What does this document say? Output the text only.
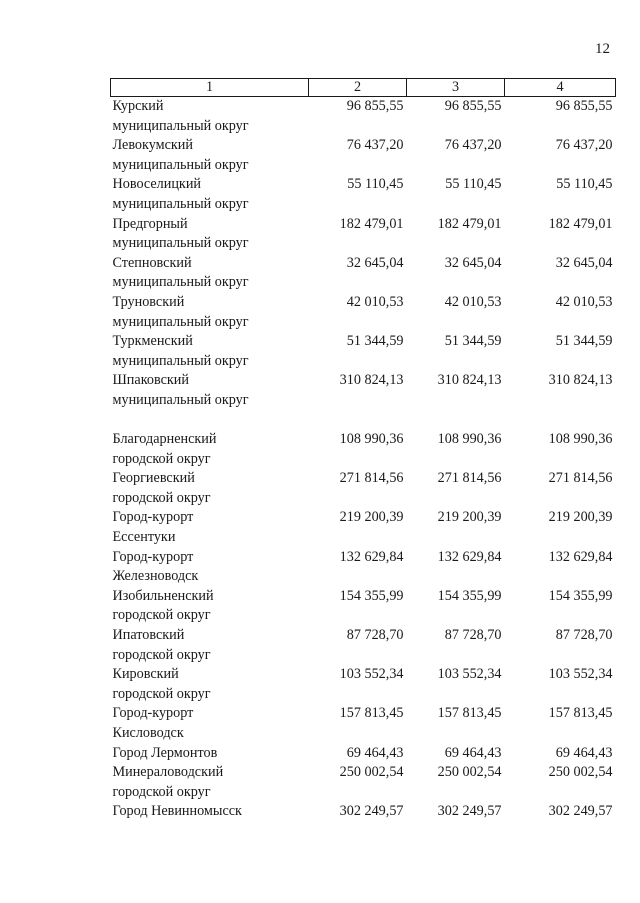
12
1	2	3	4

Курский
муниципальный округ	96 855,55	96 855,55	96 855,55

Левокумский
муниципальный округ	76 437,20	76 437,20	76 437,20

Новоселицкий
муниципальный округ	55 110,45	55 110,45	55 110,45

Предгорный
муниципальный округ	182 479,01	182 479,01	182 479,01

Степновский
муниципальный округ	32 645,04	32 645,04	32 645,04

Труновский
муниципальный округ	42 010,53	42 010,53	42 010,53

Туркменский
муниципальный округ	51 344,59	51 344,59	51 344,59

Шпаковский
муниципальный округ	310 824,13	310 824,13	310 824,13

Благодарненский
городской округ	108 990,36	108 990,36	108 990,36

Георгиевский
городской округ	271 814,56	271 814,56	271 814,56

Город-курорт
Ессентуки	219 200,39	219 200,39	219 200,39

Город-курорт
Железноводск	132 629,84	132 629,84	132 629,84

Изобильненский
городской округ	154 355,99	154 355,99	154 355,99

Ипатовский
городской округ	87 728,70	87 728,70	87 728,70

Кировский
городской округ	103 552,34	103 552,34	103 552,34

Город-курорт
Кисловодск	157 813,45	157 813,45	157 813,45

Город Лермонтов	69 464,43	69 464,43	69 464,43

Минераловодский
городской округ	250 002,54	250 002,54	250 002,54

Город Невинномысск	302 249,57	302 249,57	302 249,57
